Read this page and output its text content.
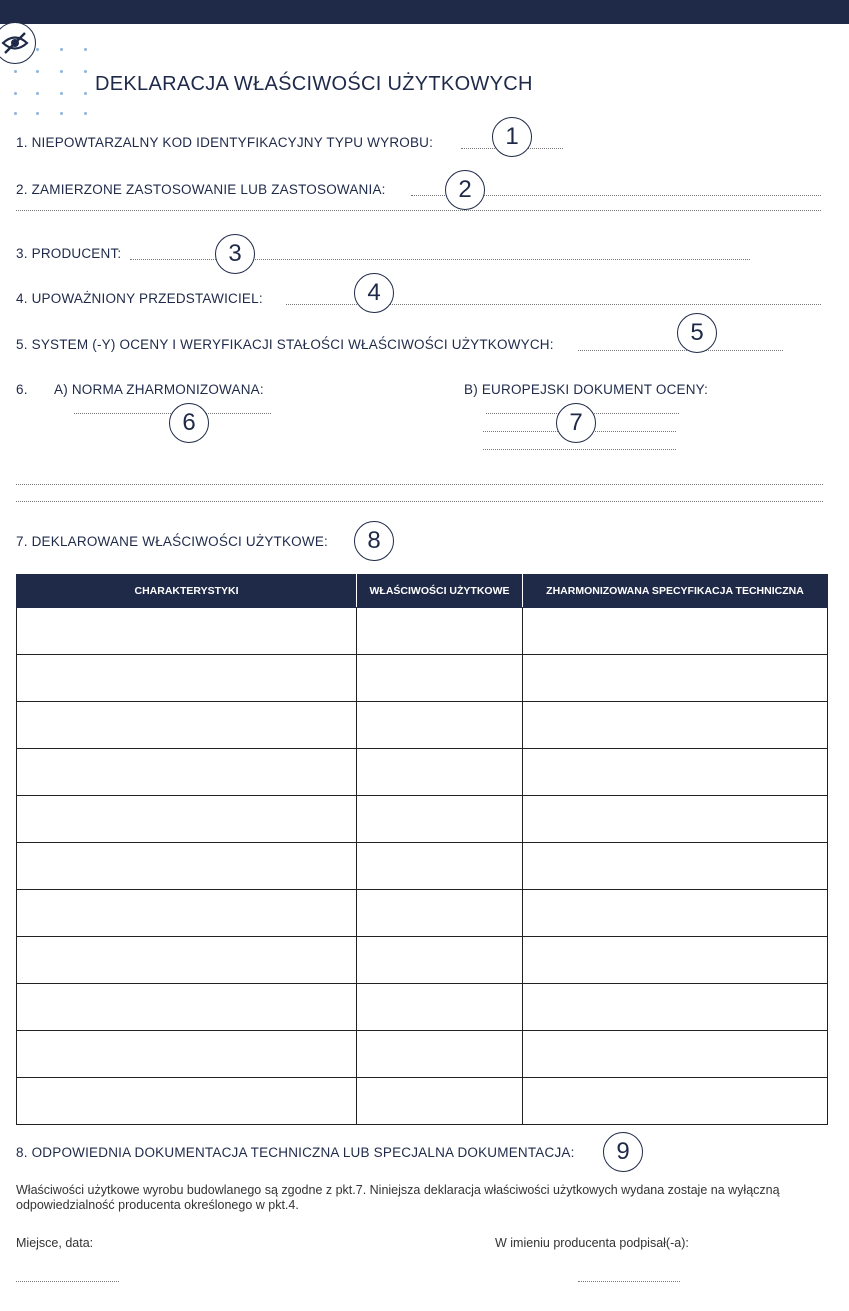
DEKLARACJA WŁAŚCIWOŚCI UŻYTKOWYCH
1. NIEPOWTARZALNY KOD IDENTYFIKACYJNY TYPU WYROBU:	1
2. ZAMIERZONE ZASTOSOWANIE LUB ZASTOSOWANIA:	2
3. PRODUCENT:	3
4. UPOWAŻNIONY PRZEDSTAWICIEL:	4
5. SYSTEM (-Y) OCENY I WERYFIKACJI STAŁOŚCI WŁAŚCIWOŚCI UŻYTKOWYCH:	5
6. A) NORMA ZHARMONIZOWANA:
6
B) EUROPEJSKI DOKUMENT OCENY:
7
7. DEKLAROWANE WŁAŚCIWOŚCI UŻYTKOWE:	8
CHARAKTERYSTYKI	WŁAŚCIWOŚCI UŻYTKOWE	ZHARMONIZOWANA SPECYFIKACJA TECHNICZNA

8. ODPOWIEDNIA DOKUMENTACJA TECHNICZNA LUB SPECJALNA DOKUMENTACJA:	9
Właściwości użytkowe wyrobu budowlanego są zgodne z pkt.7. Niniejsza deklaracja właściwości użytkowych wydana zostaje na wyłączną odpowiedzialność producenta określonego w pkt.4.
Miejsce, data:	W imieniu producenta podpisał(-a):
